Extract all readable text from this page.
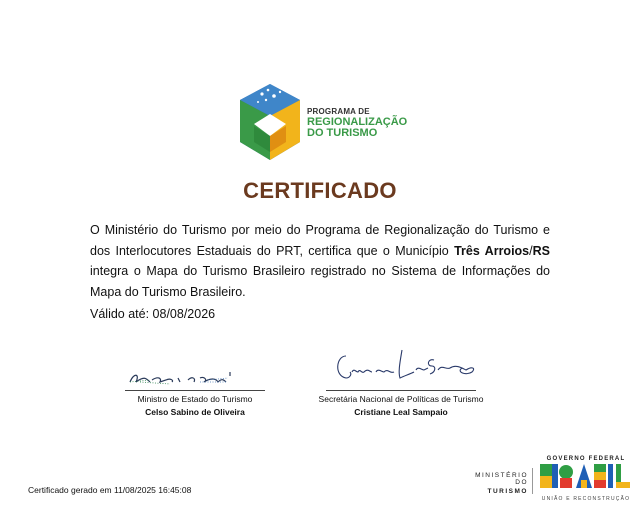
PROGRAMA DE
REGIONALIZAÇÃO
DO TURISMO
CERTIFICADO
O Ministério do Turismo por meio do Programa de Regionalização do Turismo e dos Interlocutores Estaduais do PRT, certifica que o Município Três Arroios/RS integra o Mapa do Turismo Brasileiro registrado no Sistema de Informações do Mapa do Turismo Brasileiro.
Válido até: 08/08/2026
Ministro de Estado do Turismo
Celso Sabino de Oliveira
Secretária Nacional de Políticas de Turismo
Cristiane Leal Sampaio
Certificado gerado em 11/08/2025 16:45:08
MINISTÉRIO DO
TURISMO
GOVERNO FEDERAL
UNIÃO E RECONSTRUÇÃO
